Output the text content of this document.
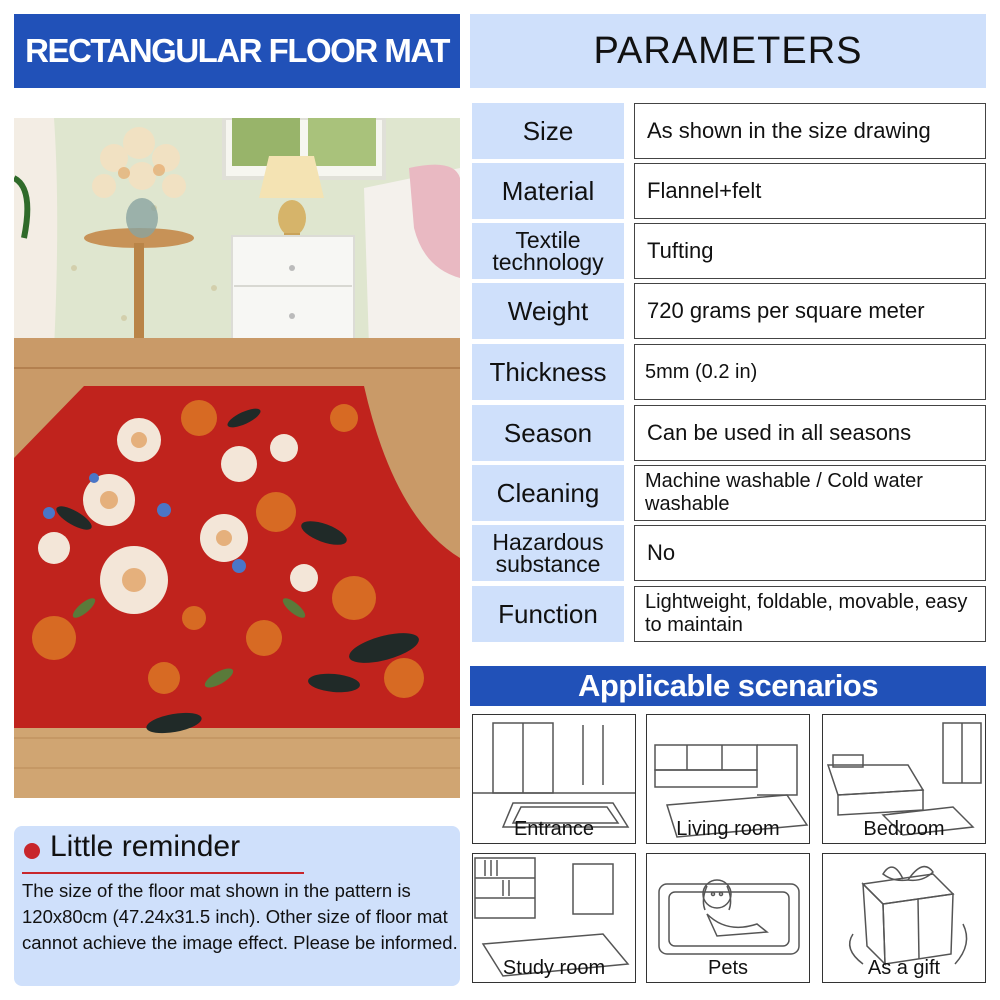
RECTANGULAR FLOOR MAT
Little reminder
The size of the floor mat shown in the pattern is 120x80cm (47.24x31.5 inch). Other size of floor mat cannot achieve the image effect. Please be informed.
PARAMETERS
Size	As shown in the size drawing
Material	Flannel+felt
Textile technology	Tufting
Weight	720 grams per square meter
Thickness	5mm (0.2 in)
Season	Can be used in all seasons
Cleaning	Machine washable / Cold water washable
Hazardous substance	No
Function	Lightweight, foldable, movable, easy to maintain
Applicable scenarios
Entrance	Living room	Bedroom
Study room	Pets	As a gift
